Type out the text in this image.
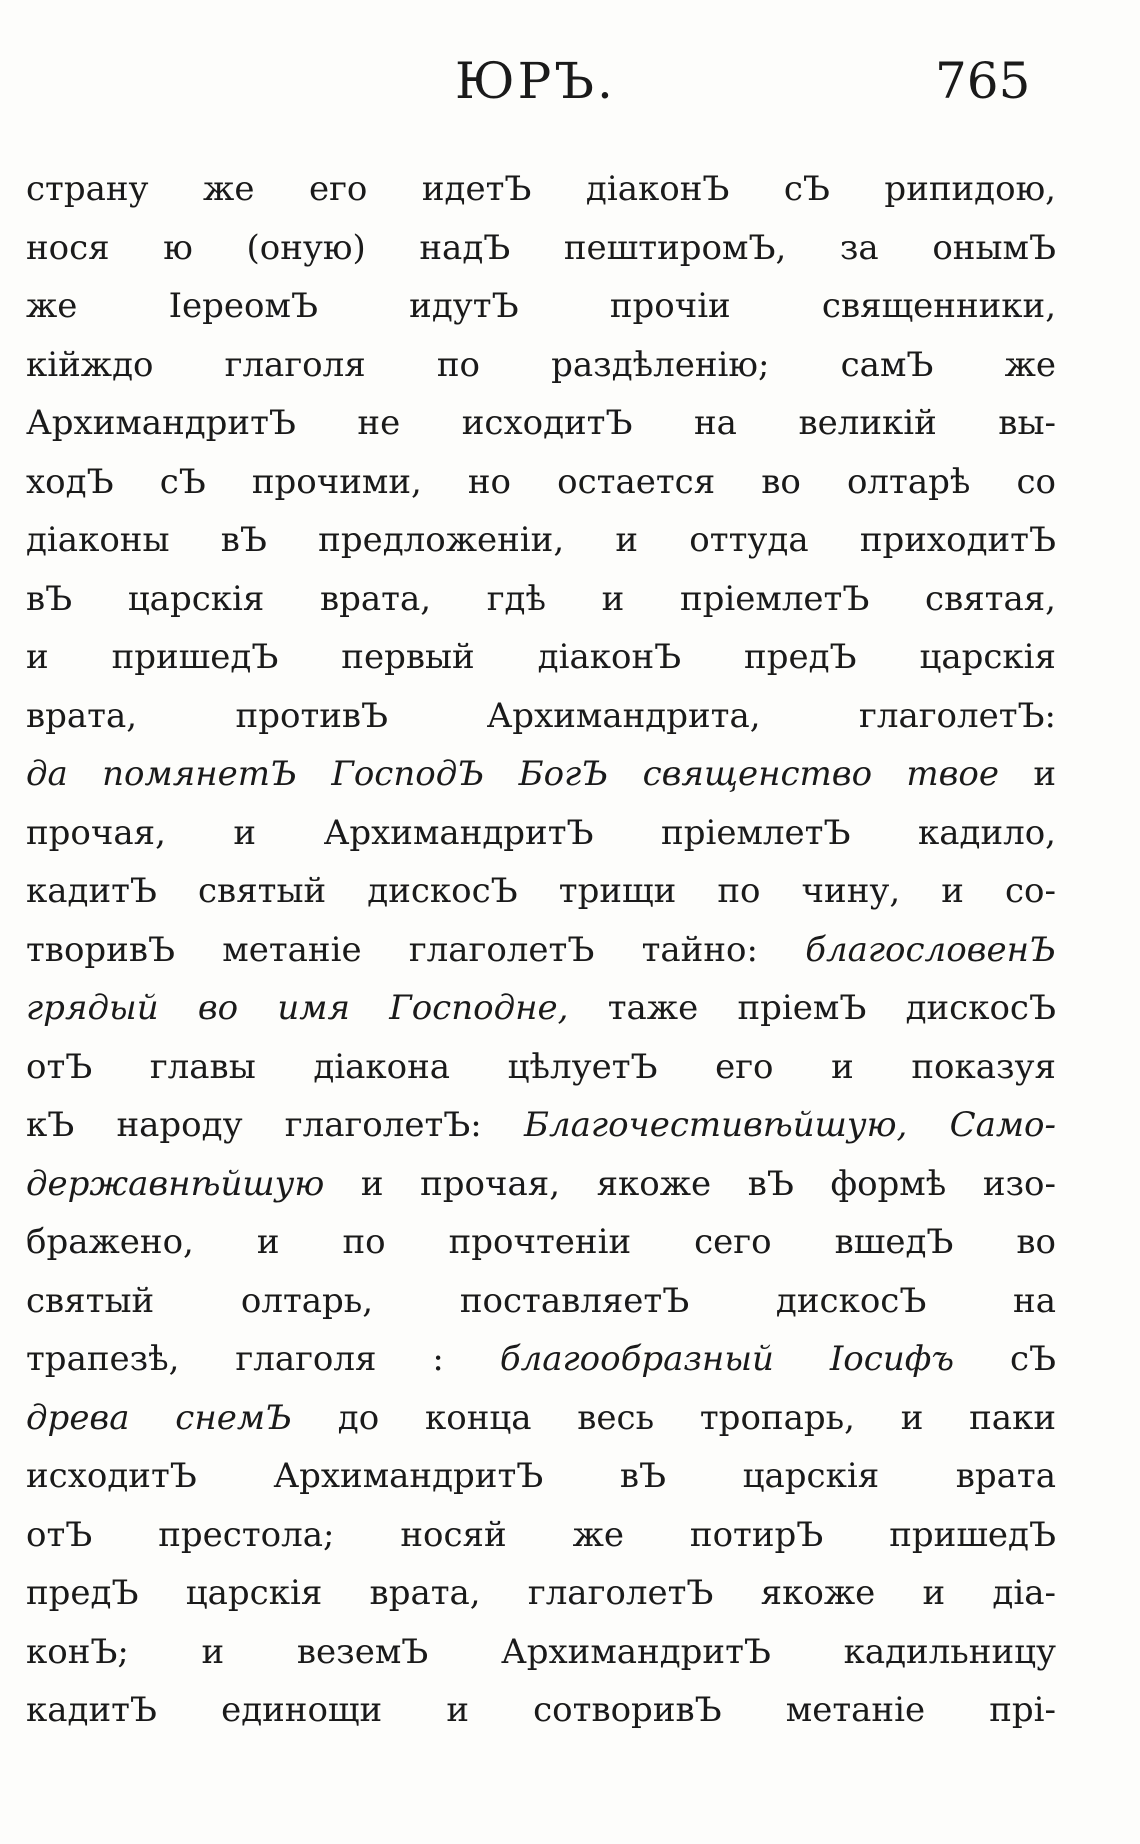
ЮРЪ.	765
страну же его идетЪ діаконЪ сЪ рипидою,
нося ю (оную) надЪ пештиромЪ, за онымЪ
же ІереомЪ идутЪ прочіи священники,
кійждо глаголя по раздѣленію; самЪ же
АрхимандритЪ не исходитЪ на великій вы-
ходЪ сЪ прочими, но остается во олтарѣ со
діаконы вЪ предложеніи, и оттуда приходитЪ
вЪ царскія врата, гдѣ и пріемлетЪ святая,
и пришедЪ первый діаконЪ предЪ царскія
врата, противЪ Архимандрита, глаголетЪ:
да помянетЪ ГосподЪ БогЪ священство твое и
прочая, и АрхимандритЪ пріемлетЪ кадило,
кадитЪ святый дискосЪ трищи по чину, и со-
творивЪ метаніе глаголетЪ тайно: благословенЪ
грядый во имя Господне, таже пріемЪ дискосЪ
отЪ главы діакона цѣлуетЪ его и показуя
кЪ народу глаголетЪ: Благочестивѣйшую, Само-
державнѣйшую и прочая, якоже вЪ формѣ изо-
бражено, и по прочтеніи сего вшедЪ во
святый олтарь, поставляетЪ дискосЪ на
трапезѣ, глаголя : благообразный Іосифъ сЪ
древа снемЪ до конца весь тропарь, и паки
исходитЪ АрхимандритЪ вЪ царскія врата
отЪ престола; носяй же потирЪ пришедЪ
предЪ царскія врата, глаголетЪ якоже и діа-
конЪ; и веземЪ АрхимандритЪ кадильницу
кадитЪ единощи и сотворивЪ метаніе прі-
